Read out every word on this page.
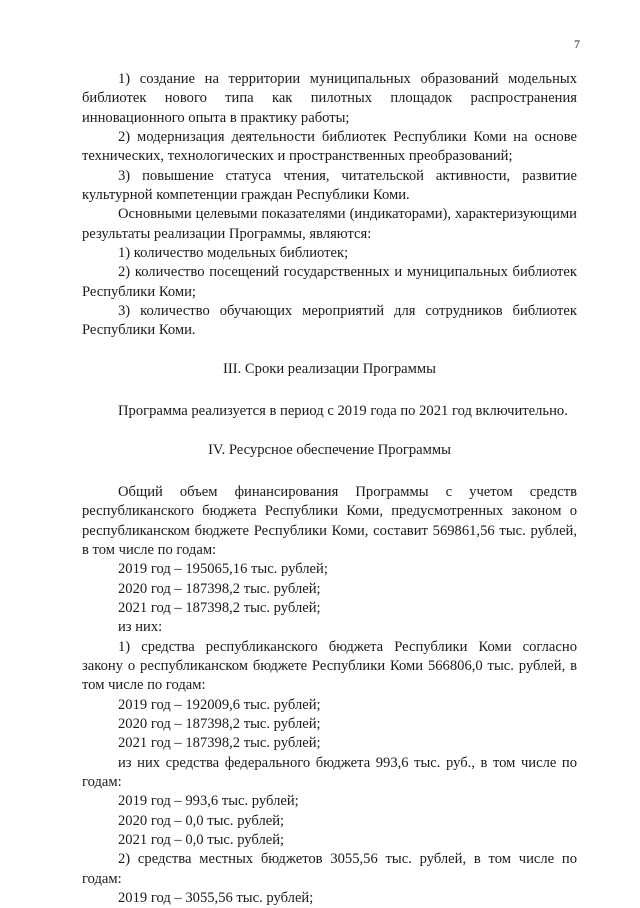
7

1) создание на территории муниципальных образований модельных библиотек нового типа как пилотных площадок распространения инновационного опыта в практику работы;

2) модернизация деятельности библиотек Республики Коми на основе технических, технологических и пространственных преобразований;

3) повышение статуса чтения, читательской активности, развитие культурной компетенции граждан Республики Коми.

Основными целевыми показателями (индикаторами), характеризующими результаты реализации Программы, являются:

1) количество модельных библиотек;

2) количество посещений государственных и муниципальных библиотек Республики Коми;

3) количество обучающих мероприятий для сотрудников библиотек Республики Коми.

III. Сроки реализации Программы

Программа реализуется в период с 2019 года по 2021 год включительно.

IV. Ресурсное обеспечение Программы

Общий объем финансирования Программы с учетом средств республиканского бюджета Республики Коми, предусмотренных законом о республиканском бюджете Республики Коми, составит 569861,56 тыс. рублей, в том числе по годам:

2019 год – 195065,16 тыс. рублей;

2020 год – 187398,2 тыс. рублей;

2021 год – 187398,2 тыс. рублей;

из них:

1) средства республиканского бюджета Республики Коми согласно закону о республиканском бюджете Республики Коми 566806,0 тыс. рублей, в том числе по годам:

2019 год – 192009,6 тыс. рублей;

2020 год – 187398,2 тыс. рублей;

2021 год – 187398,2 тыс. рублей;

из них средства федерального бюджета 993,6 тыс. руб., в том числе по годам:

2019 год – 993,6 тыс. рублей;

2020 год – 0,0 тыс. рублей;

2021 год – 0,0 тыс. рублей;

2) средства местных бюджетов 3055,56 тыс. рублей, в том числе по годам:

2019 год – 3055,56 тыс. рублей;
